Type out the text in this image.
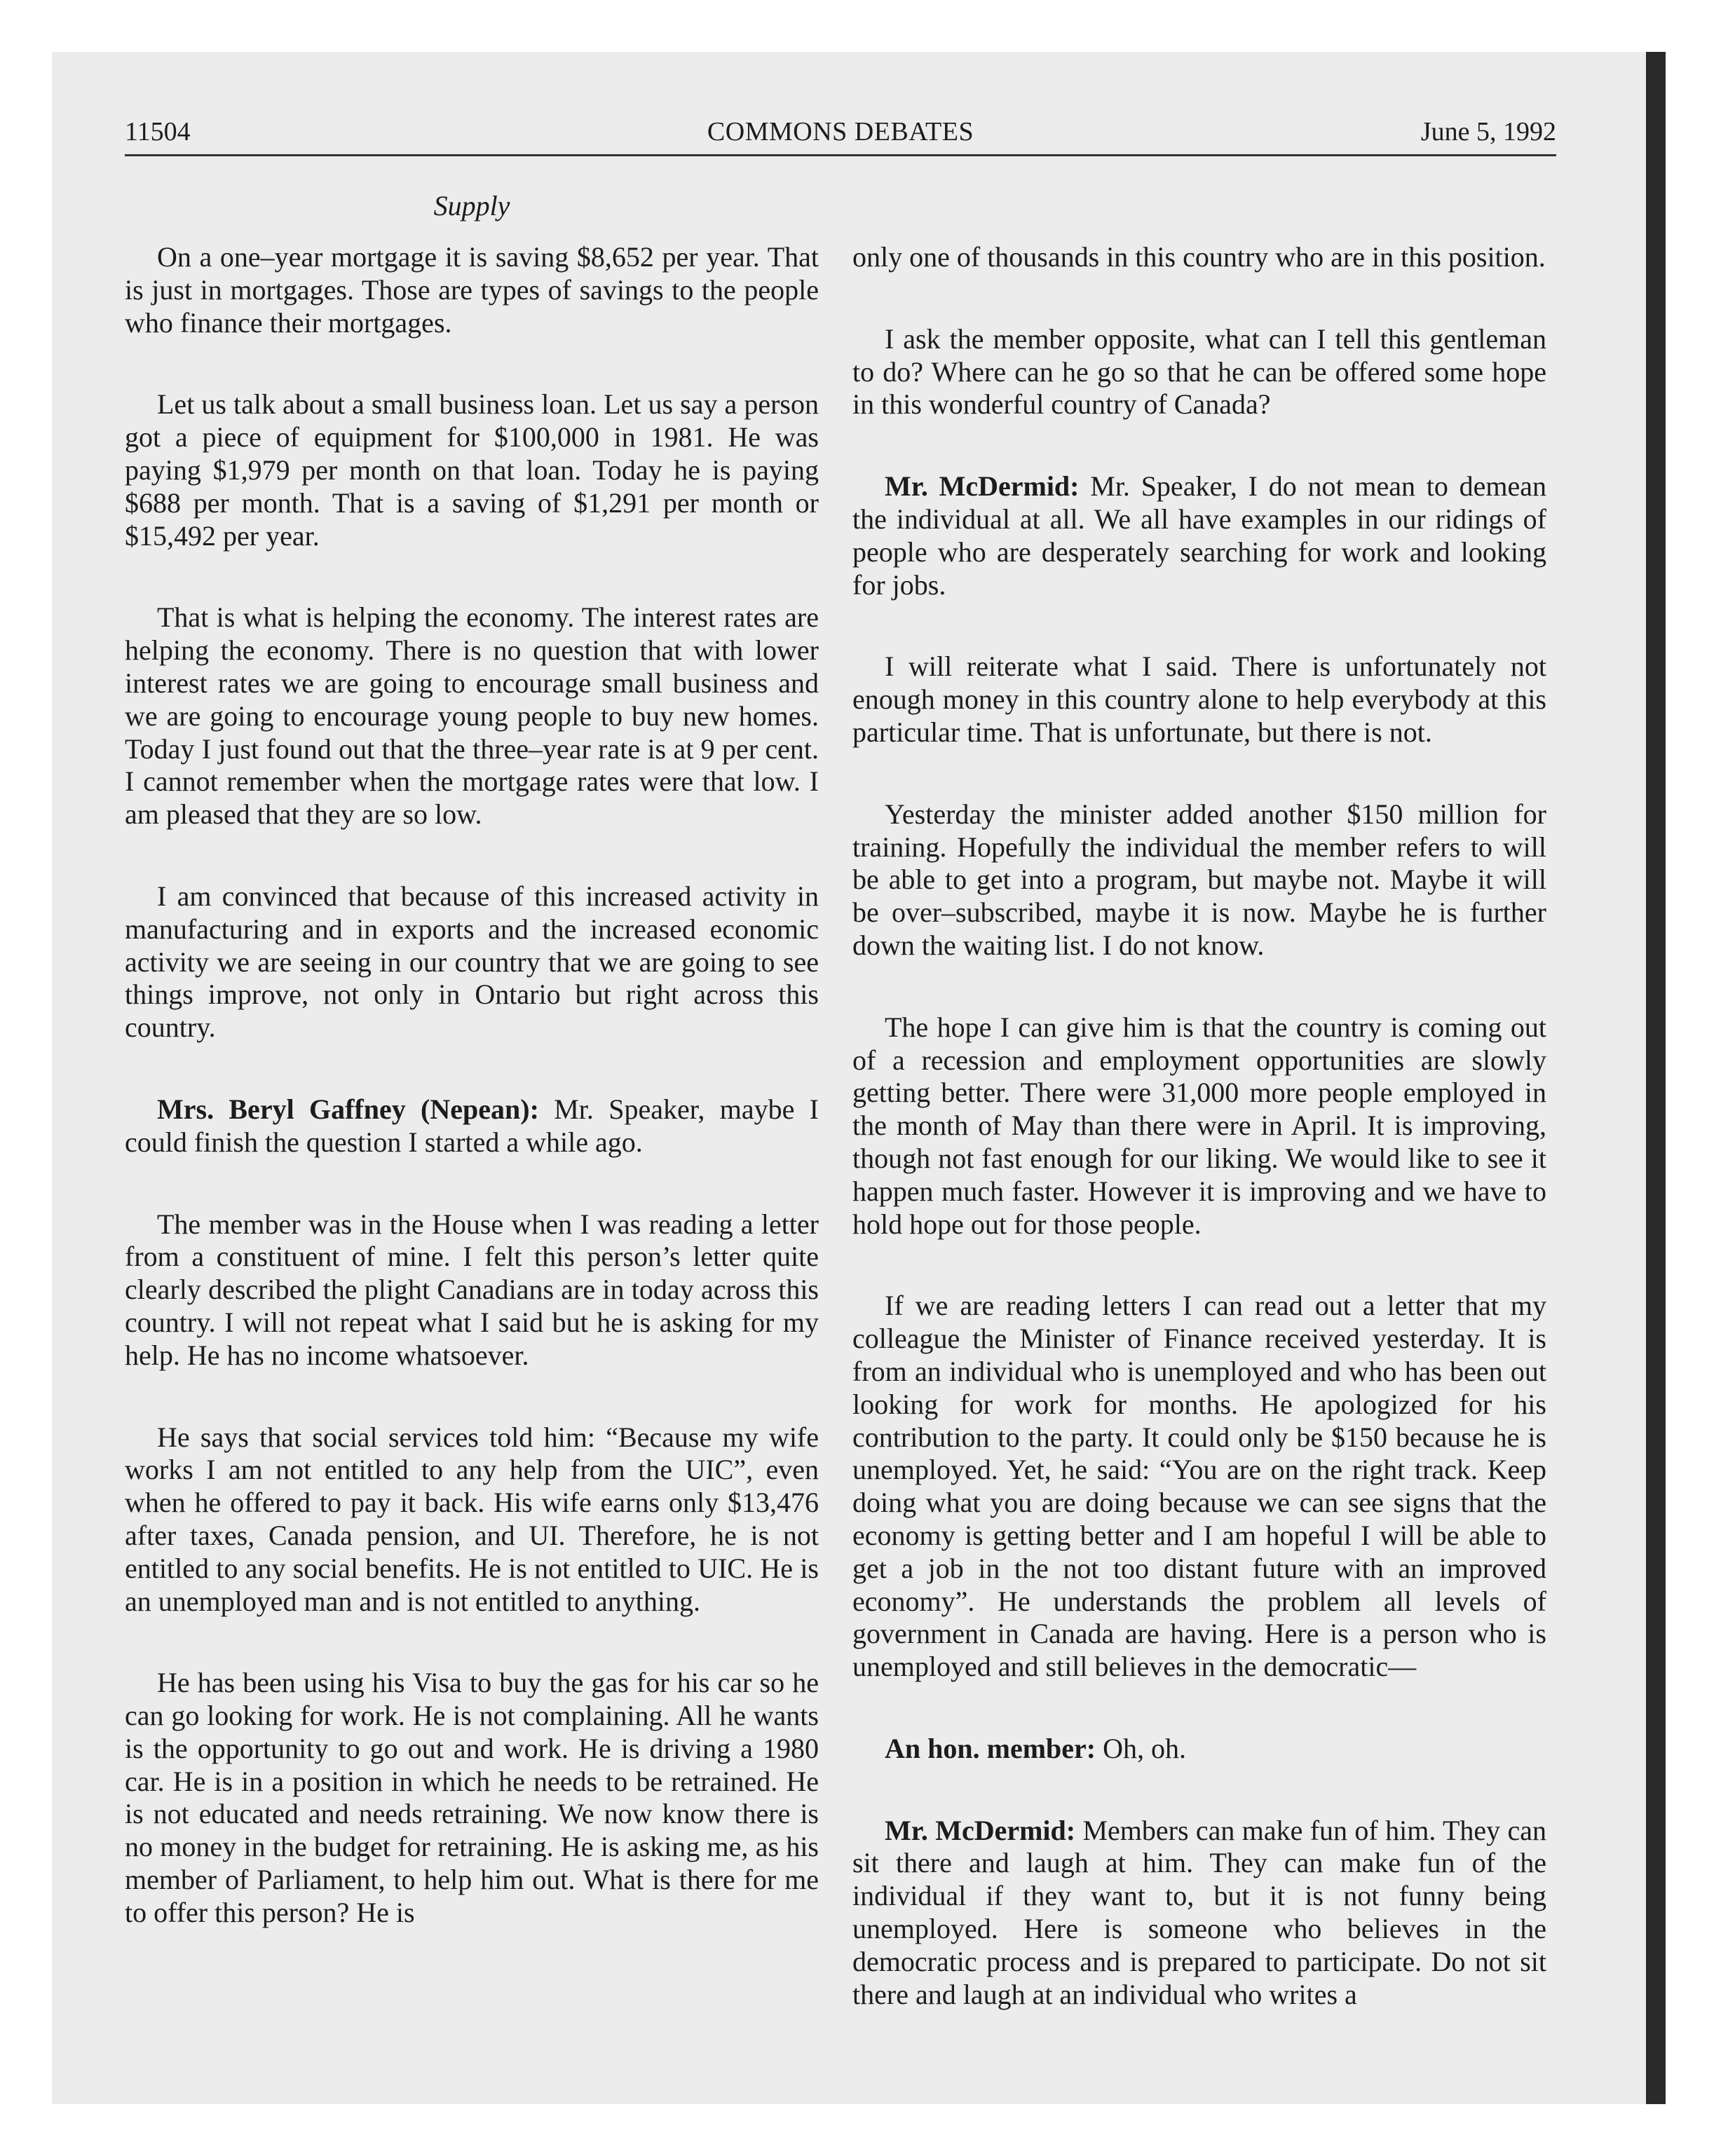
11504	COMMONS DEBATES	June 5, 1992
Supply

On a one–year mortgage it is saving $8,652 per year. That is just in mortgages. Those are types of savings to the people who finance their mortgages.

Let us talk about a small business loan. Let us say a person got a piece of equipment for $100,000 in 1981. He was paying $1,979 per month on that loan. Today he is paying $688 per month. That is a saving of $1,291 per month or $15,492 per year.

That is what is helping the economy. The interest rates are helping the economy. There is no question that with lower interest rates we are going to encourage small business and we are going to encourage young people to buy new homes. Today I just found out that the three–year rate is at 9 per cent. I cannot remember when the mortgage rates were that low. I am pleased that they are so low.

I am convinced that because of this increased activity in manufacturing and in exports and the increased economic activity we are seeing in our country that we are going to see things improve, not only in Ontario but right across this country.

Mrs. Beryl Gaffney (Nepean): Mr. Speaker, maybe I could finish the question I started a while ago.

The member was in the House when I was reading a letter from a constituent of mine. I felt this person’s letter quite clearly described the plight Canadians are in today across this country. I will not repeat what I said but he is asking for my help. He has no income whatsoever.

He says that social services told him: “Because my wife works I am not entitled to any help from the UIC”, even when he offered to pay it back. His wife earns only $13,476 after taxes, Canada pension, and UI. Therefore, he is not entitled to any social benefits. He is not entitled to UIC. He is an unemployed man and is not entitled to anything.

He has been using his Visa to buy the gas for his car so he can go looking for work. He is not complaining. All he wants is the opportunity to go out and work. He is driving a 1980 car. He is in a position in which he needs to be retrained. He is not educated and needs retraining. We now know there is no money in the budget for retraining. He is asking me, as his member of Parliament, to help him out. What is there for me to offer this person? He is

only one of thousands in this country who are in this position.

I ask the member opposite, what can I tell this gentleman to do? Where can he go so that he can be offered some hope in this wonderful country of Canada?

Mr. McDermid: Mr. Speaker, I do not mean to demean the individual at all. We all have examples in our ridings of people who are desperately searching for work and looking for jobs.

I will reiterate what I said. There is unfortunately not enough money in this country alone to help everybody at this particular time. That is unfortunate, but there is not.

Yesterday the minister added another $150 million for training. Hopefully the individual the member refers to will be able to get into a program, but maybe not. Maybe it will be over–subscribed, maybe it is now. Maybe he is further down the waiting list. I do not know.

The hope I can give him is that the country is coming out of a recession and employment opportunities are slowly getting better. There were 31,000 more people employed in the month of May than there were in April. It is improving, though not fast enough for our liking. We would like to see it happen much faster. However it is improving and we have to hold hope out for those people.

If we are reading letters I can read out a letter that my colleague the Minister of Finance received yesterday. It is from an individual who is unemployed and who has been out looking for work for months. He apologized for his contribution to the party. It could only be $150 because he is unemployed. Yet, he said: “You are on the right track. Keep doing what you are doing because we can see signs that the economy is getting better and I am hopeful I will be able to get a job in the not too distant future with an improved economy”. He understands the problem all levels of government in Canada are having. Here is a person who is unemployed and still believes in the democratic—

An hon. member: Oh, oh.

Mr. McDermid: Members can make fun of him. They can sit there and laugh at him. They can make fun of the individual if they want to, but it is not funny being unemployed. Here is someone who believes in the democratic process and is prepared to participate. Do not sit there and laugh at an individual who writes a
